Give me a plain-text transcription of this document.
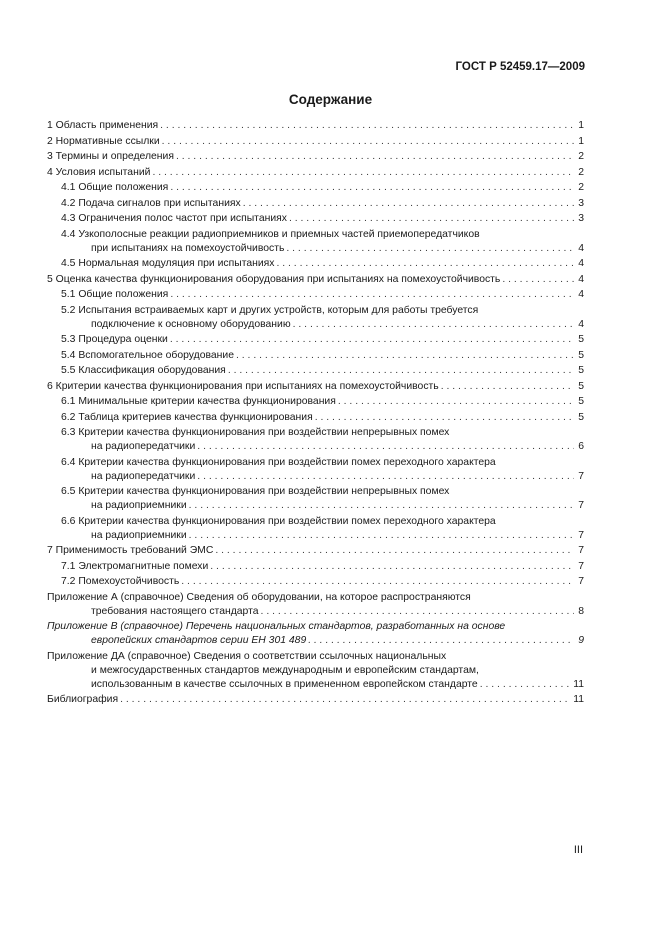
ГОСТ Р 52459.17—2009
Содержание
1 Область применения . . .	1
2 Нормативные ссылки . . .	1
3 Термины и определения . . .	2
4 Условия испытаний . . .	2
4.1 Общие положения . . .	2
4.2 Подача сигналов при испытаниях . . .	3
4.3 Ограничения полос частот при испытаниях . . .	3
4.4 Узкополосные реакции радиоприемников и приемных частей приемопередатчиков
при испытаниях на помехоустойчивость . . .	4
4.5 Нормальная модуляция при испытаниях . . .	4
5 Оценка качества функционирования оборудования при испытаниях на помехоустойчивость . . .	4
5.1 Общие положения . . .	4
5.2 Испытания встраиваемых карт и других устройств, которым для работы требуется
подключение к основному оборудованию . . .	4
5.3 Процедура оценки . . .	5
5.4 Вспомогательное оборудование . . .	5
5.5 Классификация оборудования . . .	5
6 Критерии качества функционирования при испытаниях на помехоустойчивость . . .	5
6.1 Минимальные критерии качества функционирования . . .	5
6.2 Таблица критериев качества функционирования . . .	5
6.3 Критерии качества функционирования при воздействии непрерывных помех
на радиопередатчики . . .	6
6.4 Критерии качества функционирования при воздействии помех переходного характера
на радиопередатчики . . .	7
6.5 Критерии качества функционирования при воздействии непрерывных помех
на радиоприемники . . .	7
6.6 Критерии качества функционирования при воздействии помех переходного характера
на радиоприемники . . .	7
7 Применимость требований ЭМС . . .	7
7.1 Электромагнитные помехи . . .	7
7.2 Помехоустойчивость . . .	7
Приложение А (справочное) Сведения об оборудовании, на которое распространяются
требования настоящего стандарта . . .	8
Приложение В (справочное) Перечень национальных стандартов, разработанных на основе
европейских стандартов серии ЕН 301 489 . . .	9
Приложение ДА (справочное) Сведения о соответствии ссылочных национальных
и межгосударственных стандартов международным и европейским стандартам,
использованным в качестве ссылочных в примененном европейском стандарте . . .	11
Библиография . . .	11
III
